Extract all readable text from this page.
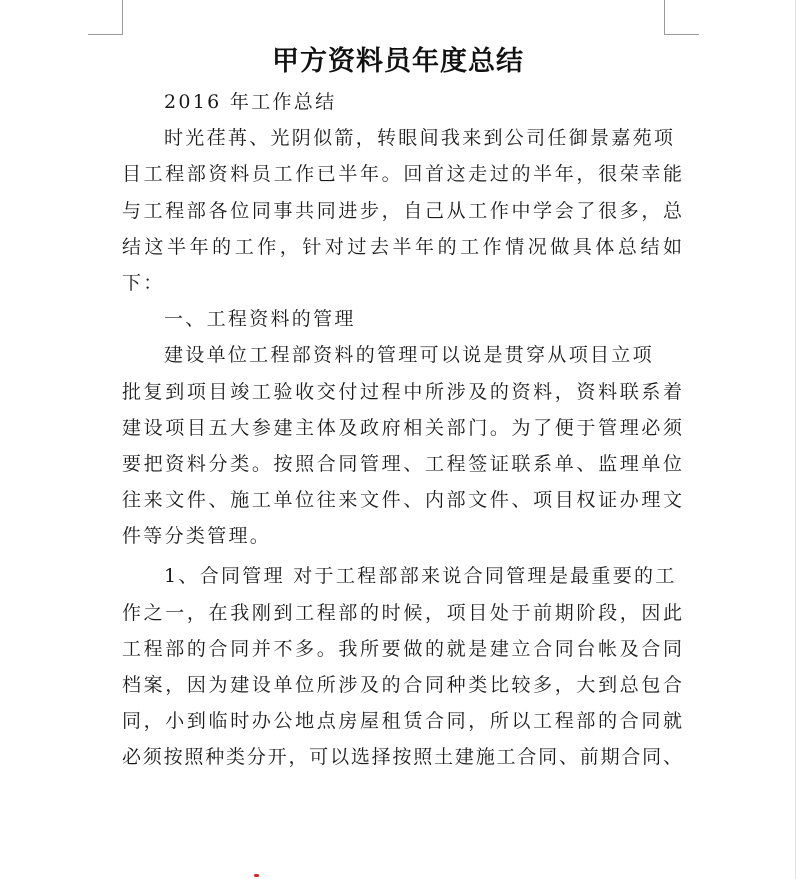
甲方资料员年度总结
2016 年工作总结
时光荏苒、光阴似箭，转眼间我来到公司任御景嘉苑项
目工程部资料员工作已半年。回首这走过的半年，很荣幸能
与工程部各位同事共同进步，自己从工作中学会了很多，总
结这半年的工作，针对过去半年的工作情况做具体总结如
下：
一、工程资料的管理
建设单位工程部资料的管理可以说是贯穿从项目立项
批复到项目竣工验收交付过程中所涉及的资料，资料联系着
建设项目五大参建主体及政府相关部门。为了便于管理必须
要把资料分类。按照合同管理、工程签证联系单、监理单位
往来文件、施工单位往来文件、内部文件、项目权证办理文
件等分类管理。
1、合同管理 对于工程部部来说合同管理是最重要的工
作之一，在我刚到工程部的时候，项目处于前期阶段，因此
工程部的合同并不多。我所要做的就是建立合同台帐及合同
档案，因为建设单位所涉及的合同种类比较多，大到总包合
同，小到临时办公地点房屋租赁合同，所以工程部的合同就
必须按照种类分开，可以选择按照土建施工合同、前期合同、
